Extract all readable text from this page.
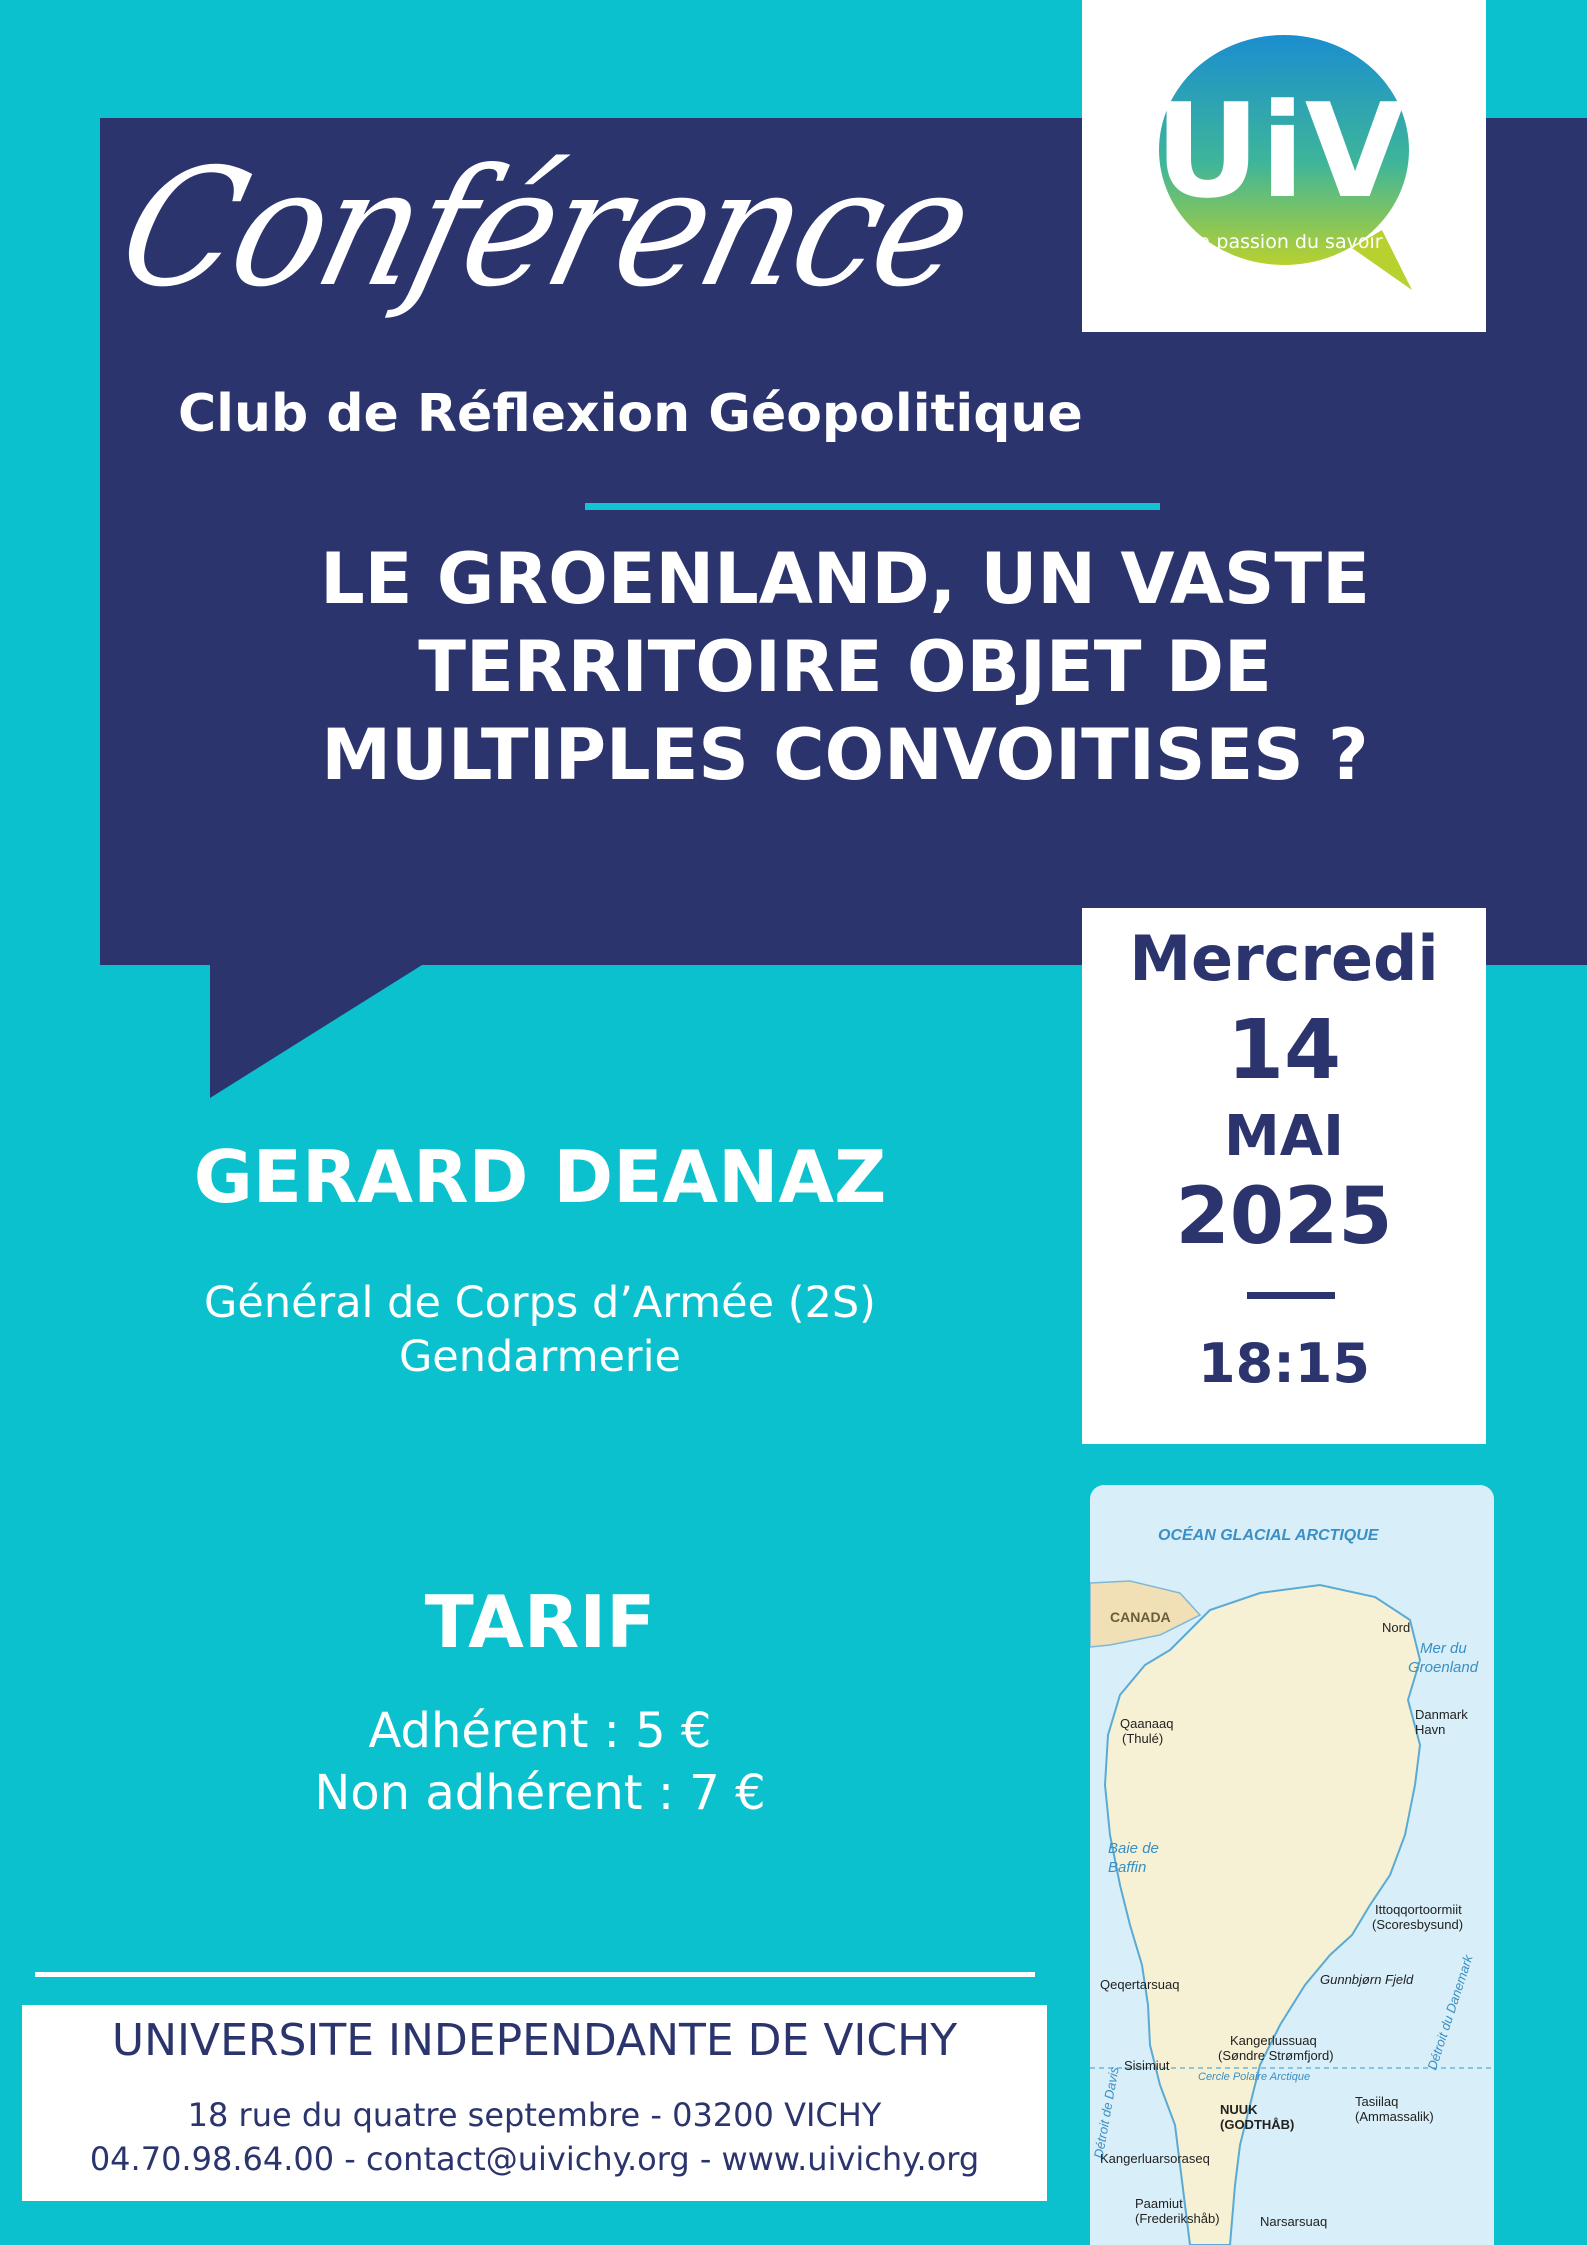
UiV
la passion du savoir
Conférence
Club de Réflexion Géopolitique
LE GROENLAND, UN VASTE
TERRITOIRE OBJET DE
MULTIPLES CONVOITISES ?
Mercredi
14
MAI
2025
18:15
GERARD DEANAZ
Général de Corps d’Armée (2S)
Gendarmerie
TARIF
Adhérent : 5 €
Non adhérent : 7 €
UNIVERSITE INDEPENDANTE DE VICHY
18 rue du quatre septembre - 03200 VICHY
04.70.98.64.00 - contact@uivichy.org - www.uivichy.org
OCÉAN GLACIAL ARCTIQUE
CANADA
Mer du
Groenland
Baie de
Baffin
Détroit de Davis
Détroit du Danemark
Cercle Polaire Arctique
Nord
Danmark
Havn
Qaanaaq
(Thulé)
Ittoqqortoormiit
(Scoresbysund)
Gunnbjørn Fjeld
Qeqertarsuaq
Kangerlussuaq
(Søndre Strømfjord)
Sisimiut
NUUK
(GODTHÅB)
Tasiilaq
(Ammassalik)
Kangerluarsoraseq
Paamiut
(Frederikshåb)	Narsarsuaq
